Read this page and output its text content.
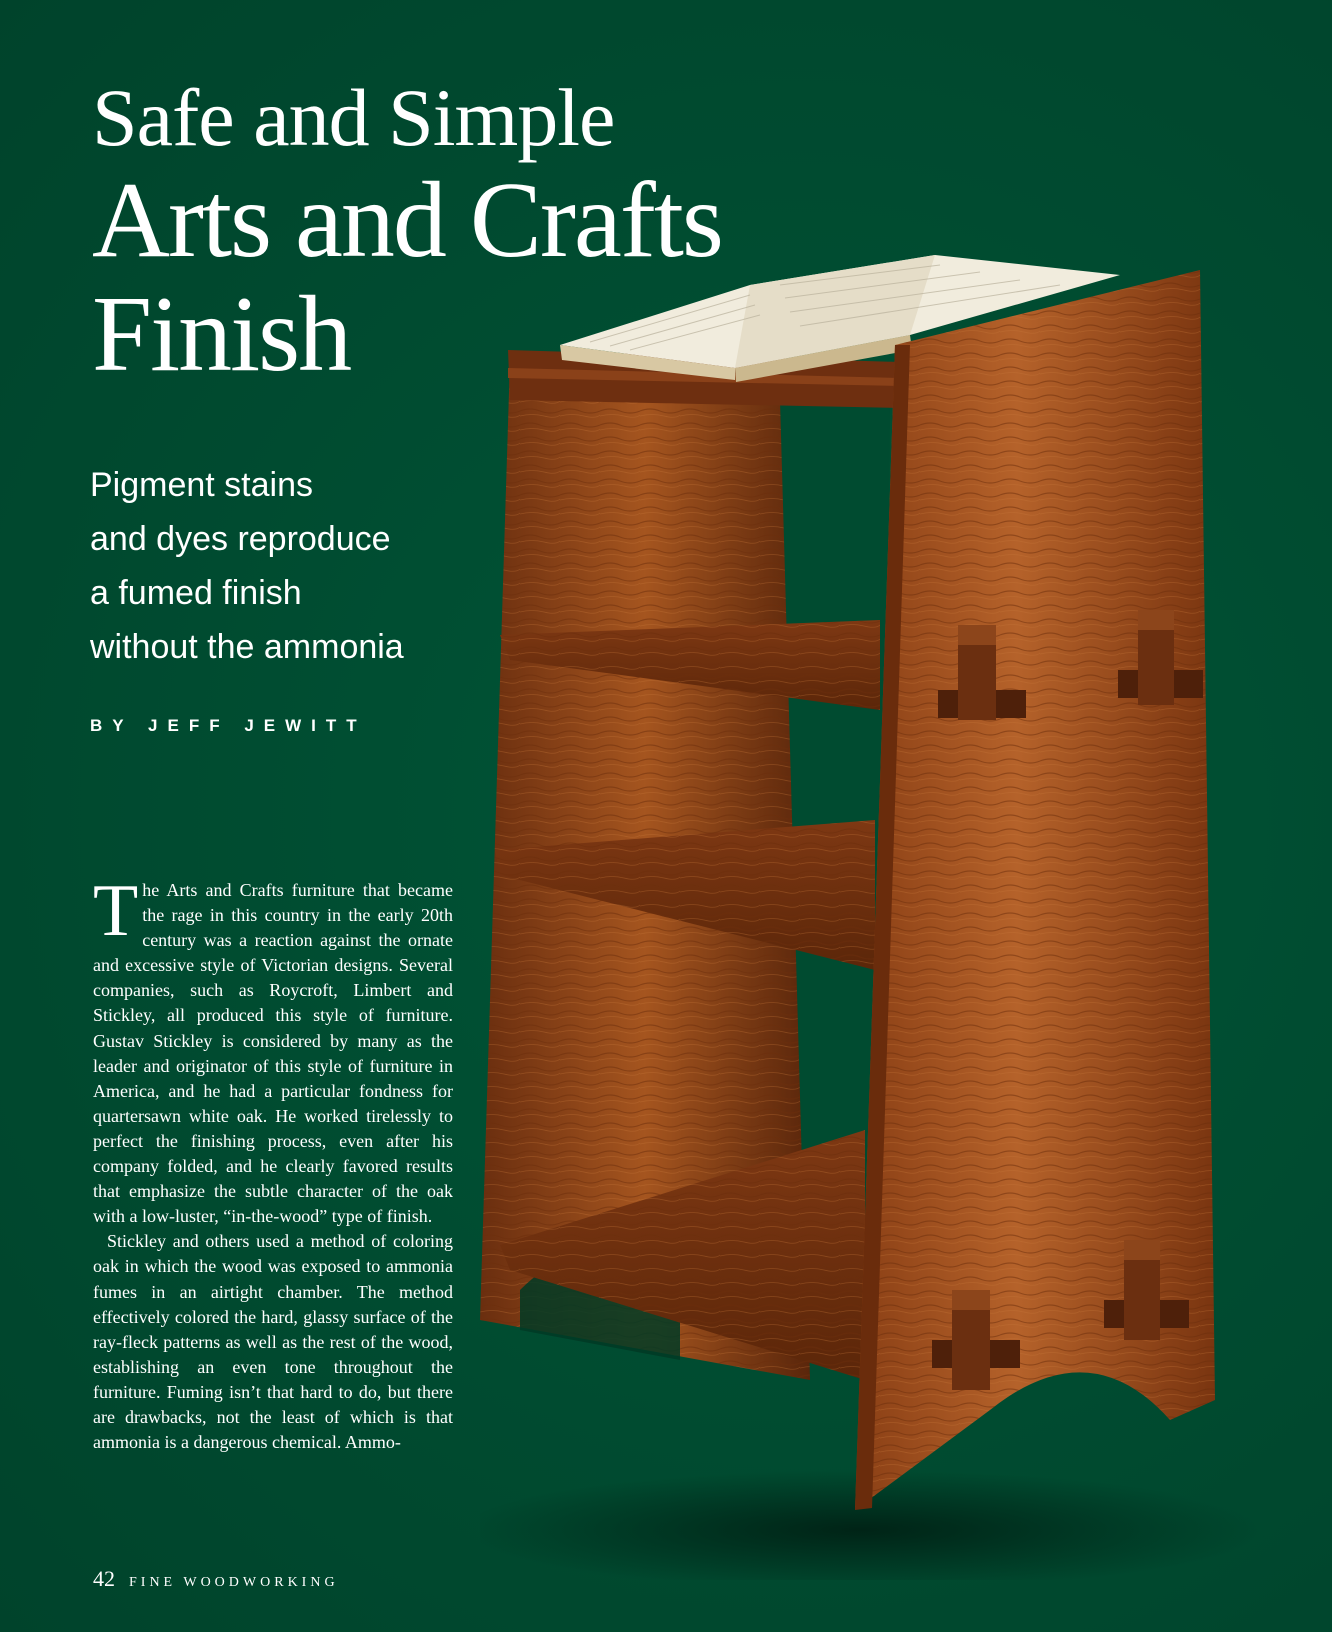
Safe and Simple
Arts and Crafts
Finish
Pigment stains
and dyes reproduce
a fumed finish
without the ammonia
BY JEFF JEWITT

The Arts and Crafts furniture that became the rage in this country in the early 20th century was a reaction against the ornate and excessive style of Victorian designs. Several companies, such as Roycroft, Limbert and Stickley, all produced this style of furniture. Gustav Stickley is considered by many as the leader and originator of this style of furniture in America, and he had a particular fondness for quartersawn white oak. He worked tirelessly to perfect the finishing process, even after his company folded, and he clearly favored results that emphasize the subtle character of the oak with a low-luster, “in-the-wood” type of finish.

Stickley and others used a method of coloring oak in which the wood was exposed to ammonia fumes in an airtight chamber. The method effectively colored the hard, glassy surface of the ray-fleck patterns as well as the rest of the wood, establishing an even tone throughout the furniture. Fuming isn’t that hard to do, but there are drawbacks, not the least of which is that ammonia is a dangerous chemical. Ammo-

42 FINE WOODWORKING
